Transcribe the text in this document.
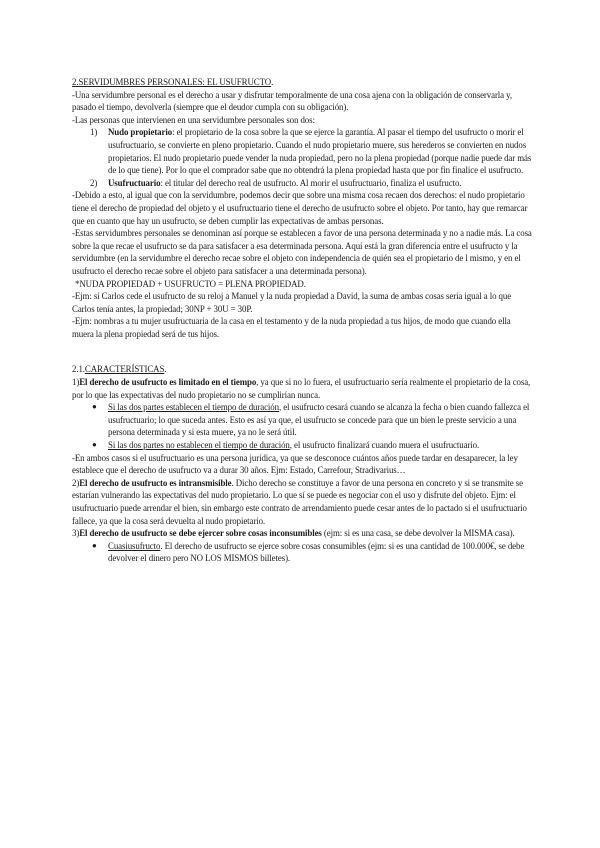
2.SERVIDUMBRES PERSONALES: EL USUFRUCTO.

-Una servidumbre personal es el derecho a usar y disfrutar temporalmente de una cosa ajena con la obligación de conservarla y, pasado el tiempo, devolverla (siempre que el deudor cumpla con su obligación).

-Las personas que intervienen en una servidumbre personales son dos:

1) Nudo propietario: el propietario de la cosa sobre la que se ejerce la garantía. Al pasar el tiempo del usufructo o morir el usufructuario, se convierte en pleno propietario. Cuando el nudo propietario muere, sus herederos se convierten en nudos propietarios. El nudo propietario puede vender la nuda propiedad, pero no la plena propiedad (porque nadie puede dar más de lo que tiene). Por lo que el comprador sabe que no obtendrá la plena propiedad hasta que por fin finalice el usufructo.

2) Usufructuario: el titular del derecho real de usufructo. Al morir el usufructuario, finaliza el usufructo.

-Debido a esto, al igual que con la servidumbre, podemos decir que sobre una misma cosa recaen dos derechos: el nudo propietario tiene el derecho de propiedad del objeto y el usufructuario tiene el derecho de usufructo sobre el objeto. Por tanto, hay que remarcar que en cuanto que hay un usufructo, se deben cumplir las expectativas de ambas personas.

-Estas servidumbres personales se denominan así porque se establecen a favor de una persona determinada y no a nadie más. La cosa sobre la que recae el usufructo se da para satisfacer a esa determinada persona. Aquí está la gran diferencia entre el usufructo y la servidumbre (en la servidumbre el derecho recae sobre el objeto con independencia de quién sea el propietario de l mismo, y en el usufructo el derecho recae sobre el objeto para satisfacer a una determinada persona).

*NUDA PROPIEDAD + USUFRUCTO = PLENA PROPIEDAD.

-Ejm: si Carlos cede el usufructo de su reloj a Manuel y la nuda propiedad a David, la suma de ambas cosas sería igual a lo que Carlos tenía antes, la propiedad; 30NP + 30U = 30P.

-Ejm: nombras a tu mujer usufructuaria de la casa en el testamento y de la nuda propiedad a tus hijos, de modo que cuando ella muera la plena propiedad será de tus hijos.

2.1.CARACTERÍSTICAS.

1)El derecho de usufructo es limitado en el tiempo, ya que si no lo fuera, el usufructuario sería realmente el propietario de la cosa, por lo que las expectativas del nudo propietario no se cumplirían nunca.

● Si las dos partes establecen el tiempo de duración, el usufructo cesará cuando se alcanza la fecha o bien cuando fallezca el usufructuario; lo que suceda antes. Esto es así ya que, el usufructo se concede para que un bien le preste servicio a una persona determinada y si esta muere, ya no le será útil.

● Si las dos partes no establecen el tiempo de duración, el usufructo finalizará cuando muera el usufructuario.

-En ambos casos si el usufructuario es una persona jurídica, ya que se desconoce cuántos años puede tardar en desaparecer, la ley establece que el derecho de usufructo va a durar 30 años. Ejm: Estado, Carrefour, Stradivarius…

2)El derecho de usufructo es intransmisible. Dicho derecho se constituye a favor de una persona en concreto y si se transmite se estarían vulnerando las expectativas del nudo propietario. Lo que sí se puede es negociar con el uso y disfrute del objeto. Ejm: el usufructuario puede arrendar el bien, sin embargo este contrato de arrendamiento puede cesar antes de lo pactado si el usufructuario fallece, ya que la cosa será devuelta al nudo propietario.

3)El derecho de usufructo se debe ejercer sobre cosas inconsumibles (ejm: si es una casa, se debe devolver la MISMA casa).

● Cuasiusufructo. El derecho de usufructo se ejerce sobre cosas consumibles (ejm: si es una cantidad de 100.000€, se debe devolver el dinero pero NO LOS MISMOS billetes).
